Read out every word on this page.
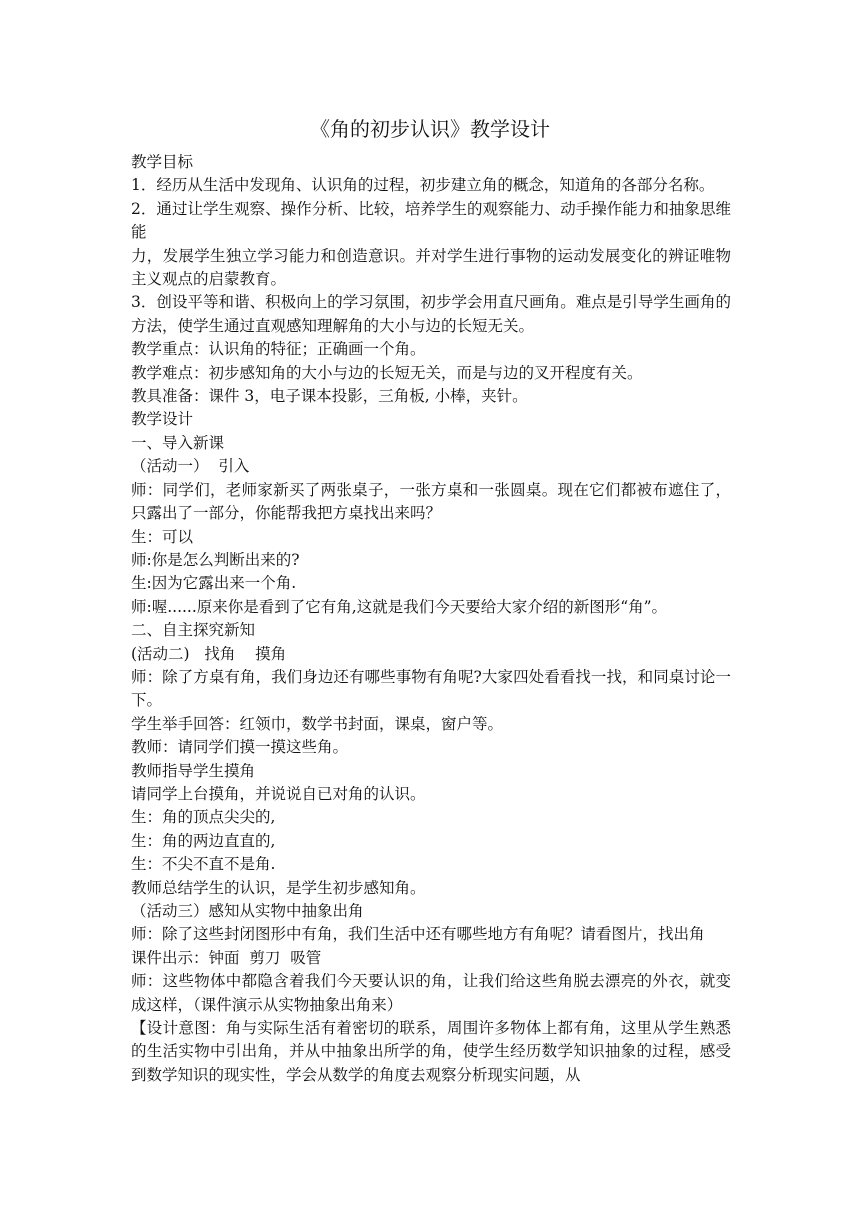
《角的初步认识》教学设计

教学目标

1．经历从生活中发现角、认识角的过程，初步建立角的概念，知道角的各部分名称。

2．通过让学生观察、操作分析、比较，培养学生的观察能力、动手操作能力和抽象思维能

力，发展学生独立学习能力和创造意识。并对学生进行事物的运动发展变化的辨证唯物主义观点的启蒙教育。

3．创设平等和谐、积极向上的学习氛围，初步学会用直尺画角。难点是引导学生画角的方法，使学生通过直观感知理解角的大小与边的长短无关。

教学重点：认识角的特征；正确画一个角。

教学难点：初步感知角的大小与边的长短无关，而是与边的叉开程度有关。

教具准备：课件 3，电子课本投影，三角板, 小棒，夹针。

教学设计

一、导入新课

（活动一）  引入

师：同学们，老师家新买了两张桌子，一张方桌和一张圆桌。现在它们都被布遮住了，只露出了一部分，你能帮我把方桌找出来吗？

生：可以

师:你是怎么判断出来的?

生:因为它露出来一个角.

师:喔......原来你是看到了它有角,这就是我们今天要给大家介绍的新图形“角”。

二、自主探究新知

(活动二)   找角    摸角

师：除了方桌有角，我们身边还有哪些事物有角呢?大家四处看看找一找，和同桌讨论一下。

学生举手回答：红领巾，数学书封面，课桌，窗户等。

教师：请同学们摸一摸这些角。

教师指导学生摸角

请同学上台摸角，并说说自已对角的认识。

生：角的顶点尖尖的,

生：角的两边直直的,

生：不尖不直不是角.

教师总结学生的认识，是学生初步感知角。

（活动三）感知从实物中抽象出角

师：除了这些封闭图形中有角，我们生活中还有哪些地方有角呢？请看图片，找出角

课件出示：钟面  剪刀  吸管

师：这些物体中都隐含着我们今天要认识的角，让我们给这些角脱去漂亮的外衣，就变成这样，（课件演示从实物抽象出角来）

【设计意图：角与实际生活有着密切的联系，周围许多物体上都有角，这里从学生熟悉的生活实物中引出角，并从中抽象出所学的角，使学生经历数学知识抽象的过程，感受到数学知识的现实性，学会从数学的角度去观察分析现实问题，从
